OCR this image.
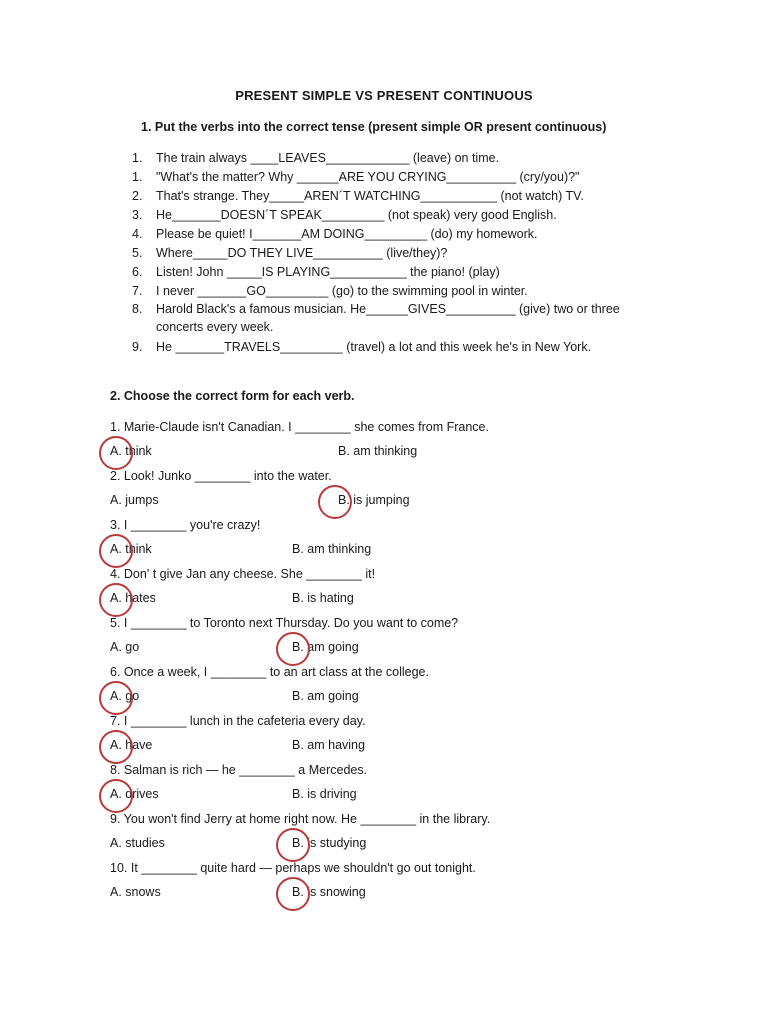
PRESENT SIMPLE VS PRESENT CONTINUOUS
1. Put the verbs into the correct tense (present simple OR present continuous)
1.	The train always ____LEAVES____________ (leave) on time.
1.	"What's the matter? Why ______ARE YOU CRYING__________ (cry/you)?"
2.	That's strange. They_____AREN´T WATCHING___________ (not watch) TV.
3.	He_______DOESN´T SPEAK_________ (not speak) very good English.
4.	Please be quiet! I_______AM DOING_________ (do) my homework.
5.	Where_____DO THEY LIVE__________ (live/they)?
6.	Listen! John _____IS PLAYING___________ the piano! (play)
7.	I never _______GO_________ (go) to the swimming pool in winter.
8.	Harold Black's a famous musician. He______GIVES__________ (give) two or three
concerts every week.
9.	He _______TRAVELS_________ (travel) a lot and this week he's in New York.
2. Choose the correct form for each verb.
1. Marie-Claude isn't Canadian. I ________ she comes from France.
A. think	B. am thinking
2. Look! Junko ________ into the water.
A. jumps	B. is jumping
3. I ________ you're crazy!
A. think	B. am thinking
4. Don' t give Jan any cheese. She ________ it!
A. hates	B. is hating
5. I ________ to Toronto next Thursday. Do you want to come?
A. go	B. am going
6. Once a week, I ________ to an art class at the college.
A. go	B. am going
7. I ________ lunch in the cafeteria every day.
A. have	B. am having
8. Salman is rich — he ________ a Mercedes.
A. drives	B. is driving
9. You won't find Jerry at home right now. He ________ in the library.
A. studies	B. is studying
10. It ________ quite hard — perhaps we shouldn't go out tonight.
A. snows	B. is snowing
